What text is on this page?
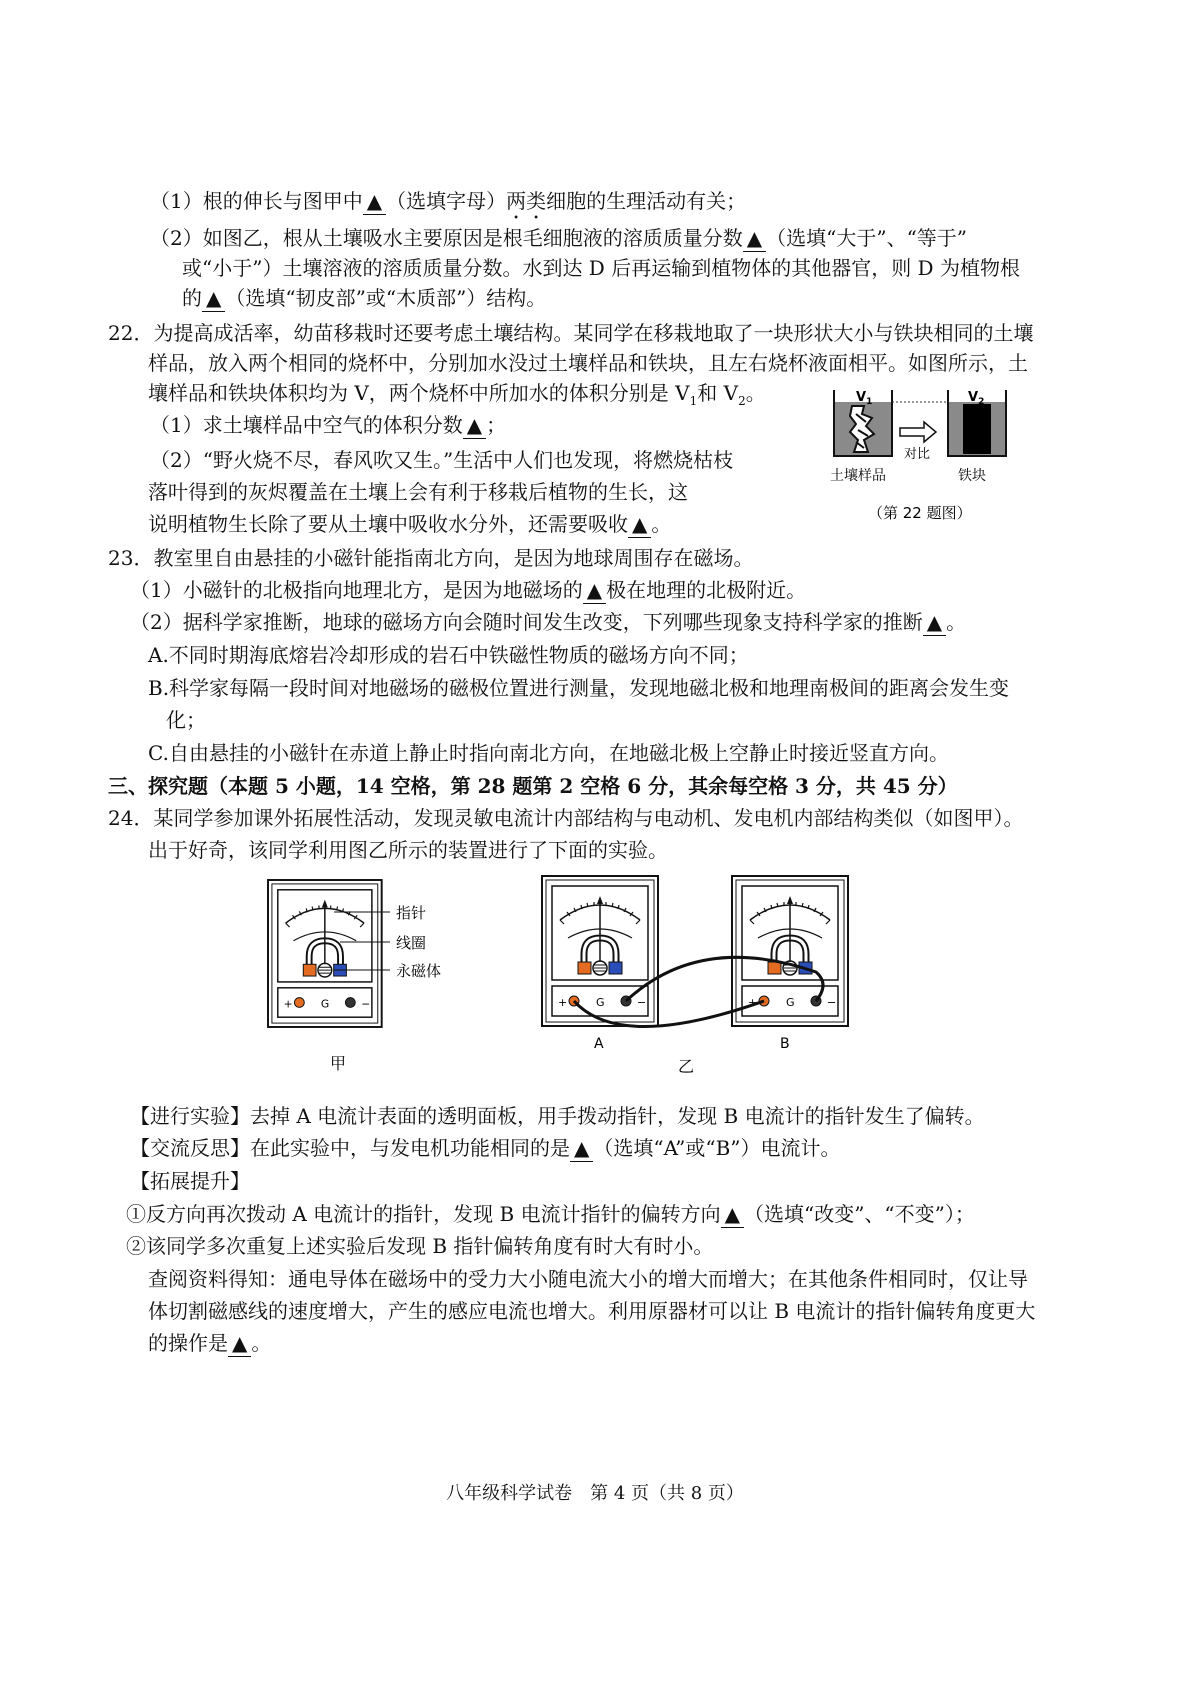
（1）根的伸长与图甲中 ▲ （选填字母）两类细胞的生理活动有关；
（2）如图乙，根从土壤吸水主要原因是根毛细胞液的溶质质量分数 ▲ （选填“大于”、“等于”
或“小于”）土壤溶液的溶质质量分数。水到达 D 后再运输到植物体的其他器官，则 D 为植物根
的 ▲ （选填“韧皮部”或“木质部”）结构。
22．为提高成活率，幼苗移栽时还要考虑土壤结构。某同学在移栽地取了一块形状大小与铁块相同的土壤
样品，放入两个相同的烧杯中，分别加水没过土壤样品和铁块，且左右烧杯液面相平。如图所示，土
壤样品和铁块体积均为 V，两个烧杯中所加水的体积分别是 $V_1$和 $V_2$。
（1）求土壤样品中空气的体积分数 ▲ ；
（2）“野火烧不尽，春风吹又生。”生活中人们也发现，将燃烧枯枝
落叶得到的灰烬覆盖在土壤上会有利于移栽后植物的生长，这
说明植物生长除了要从土壤中吸收水分外，还需要吸收 ▲ 。
$V_1$
对比
$V_2$
土壤样品	铁块
（第 22 题图）
23．教室里自由悬挂的小磁针能指南北方向，是因为地球周围存在磁场。
（1）小磁针的北极指向地理北方，是因为地磁场的 ▲ 极在地理的北极附近。
（2）据科学家推断，地球的磁场方向会随时间发生改变，下列哪些现象支持科学家的推断 ▲ 。
A.不同时期海底熔岩冷却形成的岩石中铁磁性物质的磁场方向不同；
B.科学家每隔一段时间对地磁场的磁极位置进行测量，发现地磁北极和地理南极间的距离会发生变
化；
C.自由悬挂的小磁针在赤道上静止时指向南北方向，在地磁北极上空静止时接近竖直方向。
三、探究题（本题 5 小题，14 空格，第 28 题第 2 空格 6 分，其余每空格 3 分，共 45 分）
24．某同学参加课外拓展性活动，发现灵敏电流计内部结构与电动机、发电机内部结构类似（如图甲）。
出于好奇，该同学利用图乙所示的装置进行了下面的实验。
+	G	−
指针
线圈
永磁体
甲
+	G	−	+	G	−
A	B
乙
【进行实验】去掉 A 电流计表面的透明面板，用手拨动指针，发现 B 电流计的指针发生了偏转。
【交流反思】在此实验中，与发电机功能相同的是 ▲ （选填“A”或“B”）电流计。
【拓展提升】
①反方向再次拨动 A 电流计的指针，发现 B 电流计指针的偏转方向 ▲ （选填“改变”、“不变”）；
②该同学多次重复上述实验后发现 B 指针偏转角度有时大有时小。
查阅资料得知：通电导体在磁场中的受力大小随电流大小的增大而增大；在其他条件相同时，仅让导
体切割磁感线的速度增大，产生的感应电流也增大。利用原器材可以让 B 电流计的指针偏转角度更大
的操作是 ▲ 。
八年级科学试卷　第 4 页（共 8 页）
